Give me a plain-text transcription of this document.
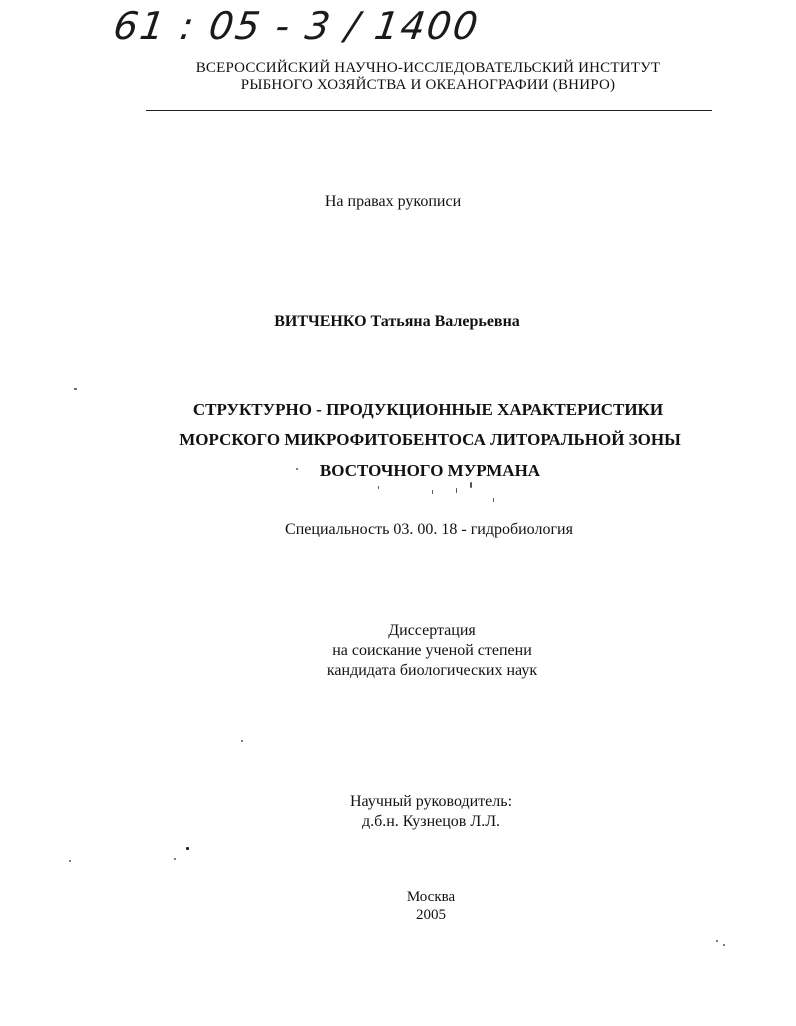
61 : 05 - 3 / 1400
ВСЕРОССИЙСКИЙ НАУЧНО-ИССЛЕДОВАТЕЛЬСКИЙ ИНСТИТУТ
РЫБНОГО ХОЗЯЙСТВА И ОКЕАНОГРАФИИ (ВНИРО)
На правах рукописи
ВИТЧЕНКО Татьяна Валерьевна
СТРУКТУРНО - ПРОДУКЦИОННЫЕ ХАРАКТЕРИСТИКИ
МОРСКОГО МИКРОФИТОБЕНТОСА ЛИТОРАЛЬНОЙ ЗОНЫ
ВОСТОЧНОГО МУРМАНА
Специальность 03. 00. 18 - гидробиология
Диссертация
на соискание ученой степени
кандидата биологических наук
Научный руководитель:
д.б.н. Кузнецов Л.Л.
Москва
2005
